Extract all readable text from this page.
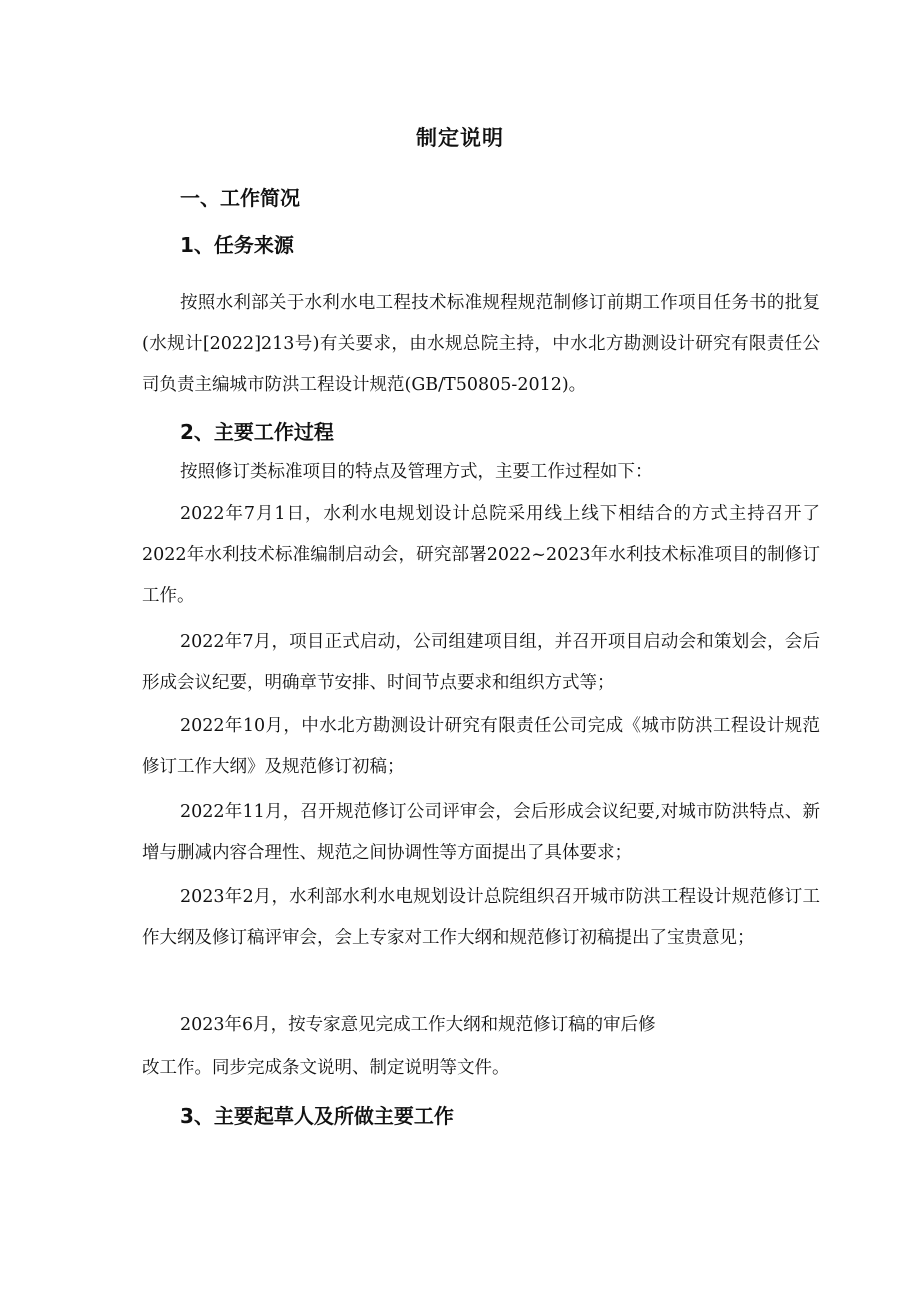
制定说明
一、工作简况
1、任务来源
按照水利部关于水利水电工程技术标准规程规范制修订前期工作项目任务书的批复(水规计[2022]213号)有关要求，由水规总院主持，中水北方勘测设计研究有限责任公司负责主编城市防洪工程设计规范(GB/T50805-2012)。
2、主要工作过程
按照修订类标准项目的特点及管理方式，主要工作过程如下：
2022年7月1日，水利水电规划设计总院采用线上线下相结合的方式主持召开了2022年水利技术标准编制启动会，研究部署2022~2023年水利技术标准项目的制修订工作。
2022年7月，项目正式启动，公司组建项目组，并召开项目启动会和策划会，会后形成会议纪要，明确章节安排、时间节点要求和组织方式等；
2022年10月，中水北方勘测设计研究有限责任公司完成《城市防洪工程设计规范修订工作大纲》及规范修订初稿；
2022年11月，召开规范修订公司评审会，会后形成会议纪要,对城市防洪特点、新增与删减内容合理性、规范之间协调性等方面提出了具体要求；
2023年2月，水利部水利水电规划设计总院组织召开城市防洪工程设计规范修订工作大纲及修订稿评审会，会上专家对工作大纲和规范修订初稿提出了宝贵意见；
2023年6月，按专家意见完成工作大纲和规范修订稿的审后修
改工作。同步完成条文说明、制定说明等文件。
3、主要起草人及所做主要工作
